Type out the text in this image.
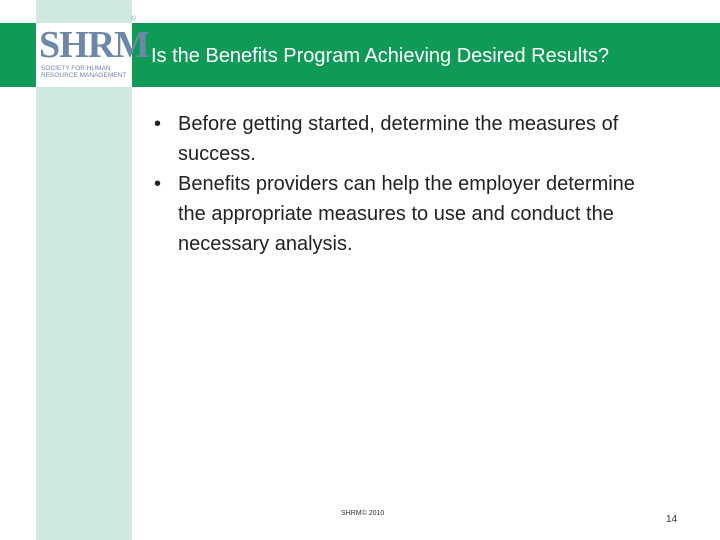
SHRM
SOCIETY FOR HUMAN RESOURCE MANAGEMENT
®
Is the Benefits Program Achieving Desired Results?
• Before getting started, determine the measures of success.
• Benefits providers can help the employer determine the appropriate measures to use and conduct the necessary analysis.
SHRM© 2010
14
